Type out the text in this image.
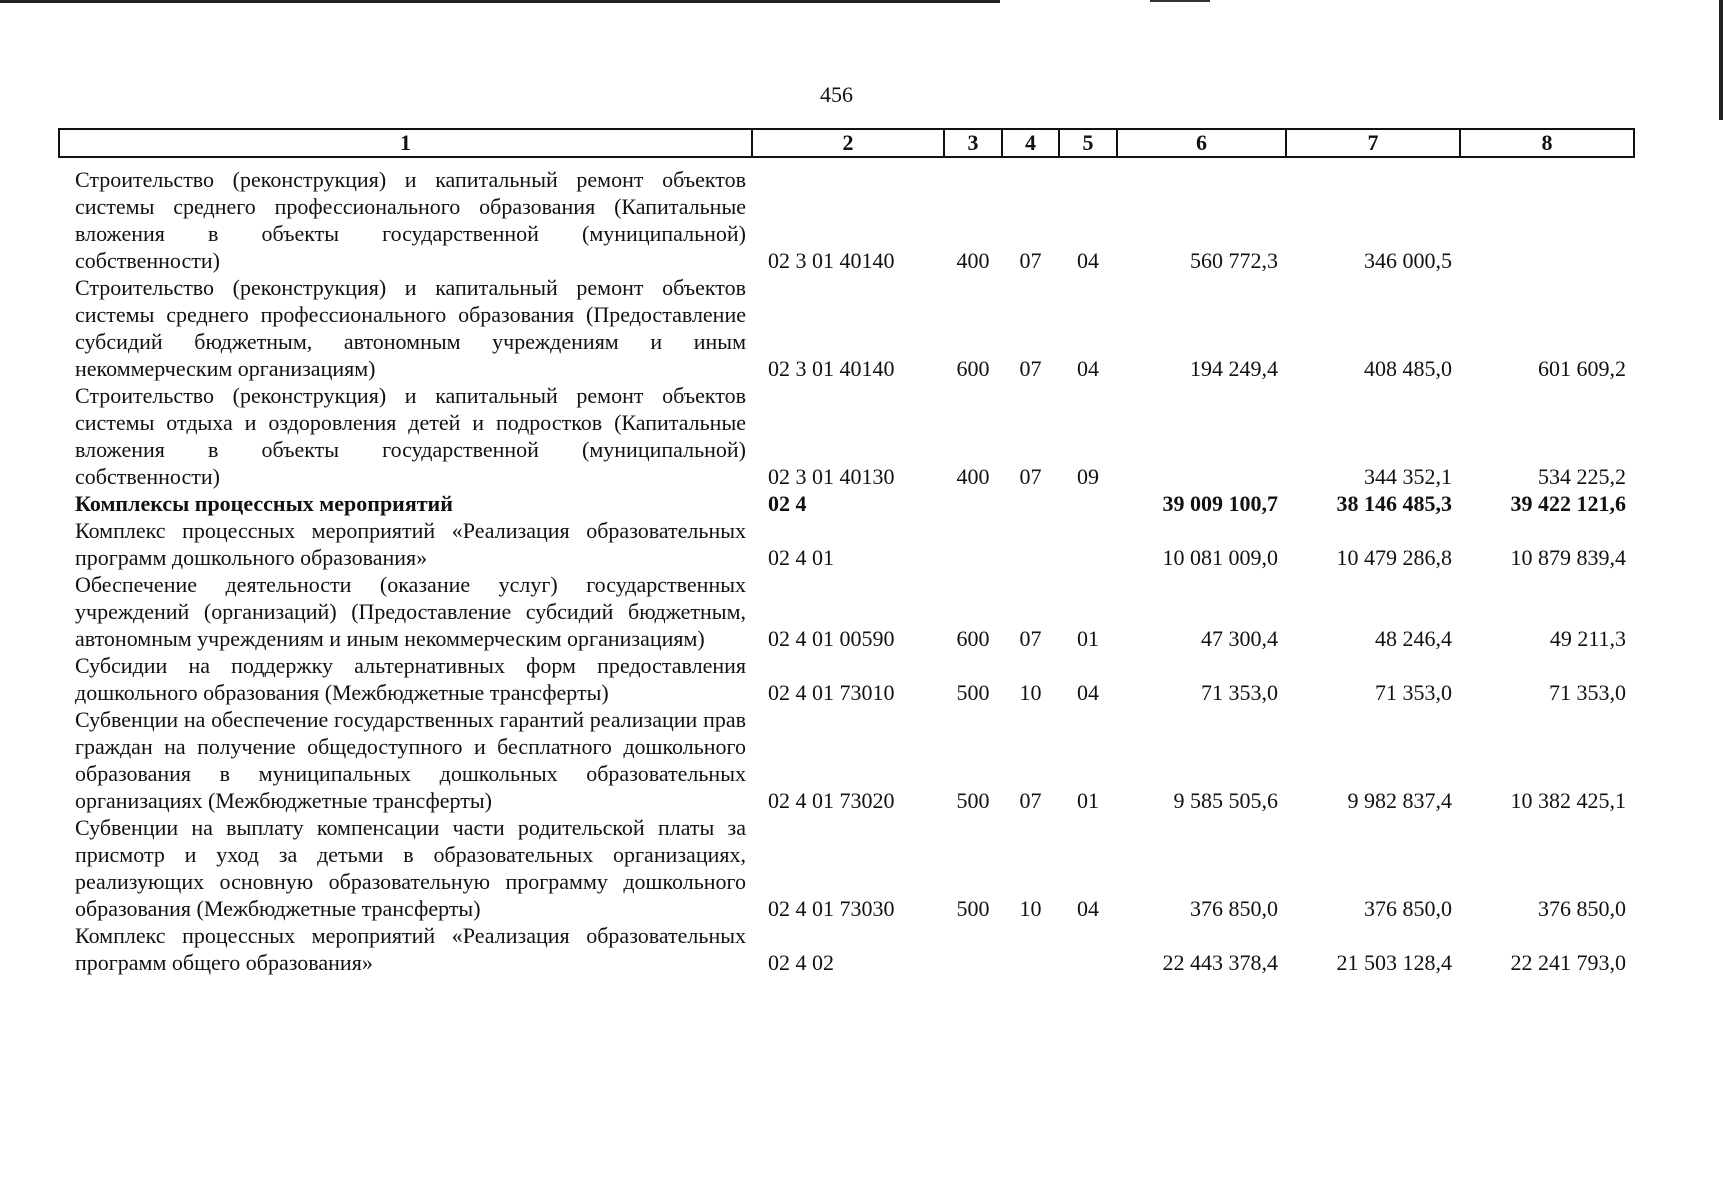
456
1	2	3	4	5	6	7	8

Строительство (реконструкция) и капитальный ремонт объектов системы среднего профессионального образования (Капитальные вложения в объекты государственной (муниципальной) собственности)	02 3 01 40140	400	07	04	560 772,3	346 000,5	
Строительство (реконструкция) и капитальный ремонт объектов системы среднего профессионального образования (Предоставление субсидий бюджетным, автономным учреждениям и иным некоммерческим организациям)	02 3 01 40140	600	07	04	194 249,4	408 485,0	601 609,2
Строительство (реконструкция) и капитальный ремонт объектов системы отдыха и оздоровления детей и подростков (Капитальные вложения в объекты государственной (муниципальной) собственности)	02 3 01 40130	400	07	09		344 352,1	534 225,2
Комплексы процессных мероприятий	02 4				39 009 100,7	38 146 485,3	39 422 121,6
Комплекс процессных мероприятий «Реализация образовательных программ дошкольного образования»	02 4 01				10 081 009,0	10 479 286,8	10 879 839,4
Обеспечение деятельности (оказание услуг) государственных учреждений (организаций) (Предоставление субсидий бюджетным, автономным учреждениям и иным некоммерческим организациям)	02 4 01 00590	600	07	01	47 300,4	48 246,4	49 211,3
Субсидии на поддержку альтернативных форм предоставления дошкольного образования (Межбюджетные трансферты)	02 4 01 73010	500	10	04	71 353,0	71 353,0	71 353,0
Субвенции на обеспечение государственных гарантий реализации прав граждан на получение общедоступного и бесплатного дошкольного образования в муниципальных дошкольных образовательных организациях (Межбюджетные трансферты)	02 4 01 73020	500	07	01	9 585 505,6	9 982 837,4	10 382 425,1
Субвенции на выплату компенсации части родительской платы за присмотр и уход за детьми в образовательных организациях, реализующих основную образовательную программу дошкольного образования (Межбюджетные трансферты)	02 4 01 73030	500	10	04	376 850,0	376 850,0	376 850,0
Комплекс процессных мероприятий «Реализация образовательных программ общего образования»	02 4 02				22 443 378,4	21 503 128,4	22 241 793,0
